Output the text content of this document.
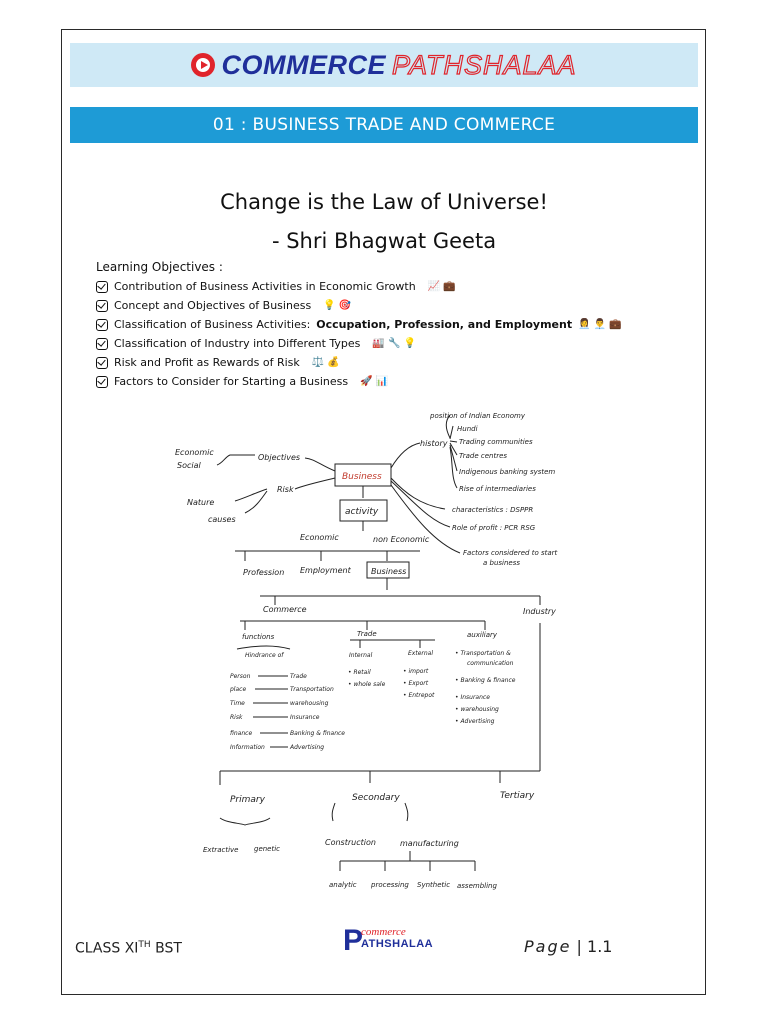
COMMERCE PATHSHALAA
01 : BUSINESS TRADE AND COMMERCE
Change is the Law of Universe!
- Shri Bhagwat Geeta
Learning Objectives :
Contribution of Business Activities in Economic Growth 📈 💼
Concept and Objectives of Business 💡 🎯
Classification of Business Activities: Occupation, Profession, and Employment 👩‍💼 👨‍💼 💼
Classification of Industry into Different Types 🏭 🔧 💡
Risk and Profit as Rewards of Risk ⚖️ 💰
Factors to Consider for Starting a Business 🚀 📊
Business
activity
Objectives
Economic
Social
Risk
Nature
causes
history
position of Indian Economy
Hundi
Trading communities
Trade centres
Indigenous banking system
Rise of intermediaries
characteristics : DSPPR
Role of profit : PCR RSG
Factors considered to start
a business
Economic	non Economic
Profession Employment	Business
Commerce	Industry
functions
Hindrance of
Trade	auxiliary
Internal	External
• Retail
• whole sale
• import
• Export
• Entrepot
• Transportation &
communication
• Banking & finance
• Insurance
• warehousing
• Advertising
Person	Trade
place	Transportation
Time	warehousing
Risk	Insurance
finance	Banking & finance
Information	Advertising
Primary	Secondary	Tertiary
Extractive genetic
Construction	manufacturing
analytic processing Synthetic assembling
CLASS XITH BST	P
commerce
ATHSHALAA	Page | 1.1
